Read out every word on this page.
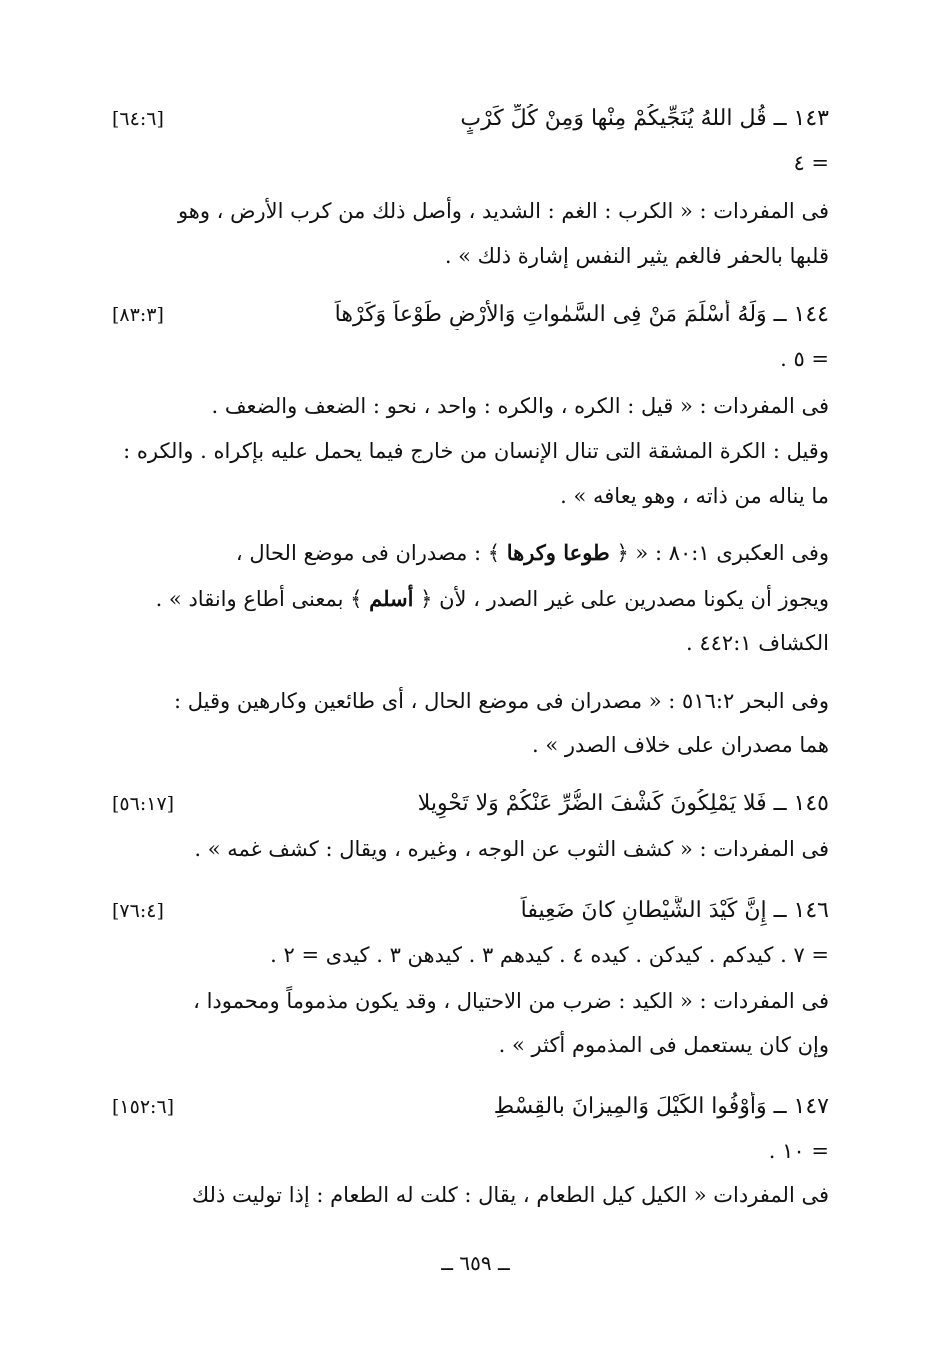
١٤٣ ــ قُل اللهُ يُنَجِّيكُمْ مِنْها وَمِنْ كُلِّ كَرْبٍ
[٦٤:٦]
= ٤
فى المفردات : « الكرب : الغم : الشديد ، وأصل ذلك من كرب الأرض ، وهو
قلبها بالحفر فالغم يثير النفس إشارة ذلك » .
١٤٤ ــ وَلَهُ أَسْلَمَ مَنْ فِى السَّمٰواتِ وَالأَرْضِ طَوْعاً وَكَرْهاً
[٨٣:٣]
= ٥ .
فى المفردات : « قيل : الكره ، والكره : واحد ، نحو : الضعف والضعف .
وقيل : الكرة المشقة التى تنال الإنسان من خارج فيما يحمل عليه بإكراه . والكره :
ما يناله من ذاته ، وهو يعافه » .
وفى العكبرى ٨٠:١ : « ﴿ طوعا وكرها ﴾ : مصدران فى موضع الحال ،
ويجوز أن يكونا مصدرين على غير الصدر ، لأن ﴿ أسلم ﴾ بمعنى أطاع وانقاد » .
الكشاف ٤٤٢:١ .
وفى البحر ٥١٦:٢ : « مصدران فى موضع الحال ، أى طائعين وكارهين وقيل :
هما مصدران على خلاف الصدر » .
١٤٥ ــ فَلا يَمْلِكُونَ كَشْفَ الضُّرِّ عَنْكُمْ وَلا تَحْوِيلا
[٥٦:١٧]
فى المفردات : « كشف الثوب عن الوجه ، وغيره ، ويقال : كشف غمه » .
١٤٦ ــ إِنَّ كَيْدَ الشَّيْطانِ كانَ ضَعِيفاً
[٧٦:٤]
= ٧ . كيدكم . كيدكن . كيده ٤ . كيدهم ٣ . كيدهن ٣ . كيدى = ٢ .
فى المفردات : « الكيد : ضرب من الاحتيال ، وقد يكون مذموماً ومحمودا ،
وإن كان يستعمل فى المذموم أكثر » .
١٤٧ ــ وَأَوْفُوا الكَيْلَ وَالمِيزانَ بالقِسْطِ
[١٥٢:٦]
= ١٠ .
فى المفردات « الكيل كيل الطعام ، يقال : كلت له الطعام : إذا توليت ذلك
ــ ٦٥٩ ــ
